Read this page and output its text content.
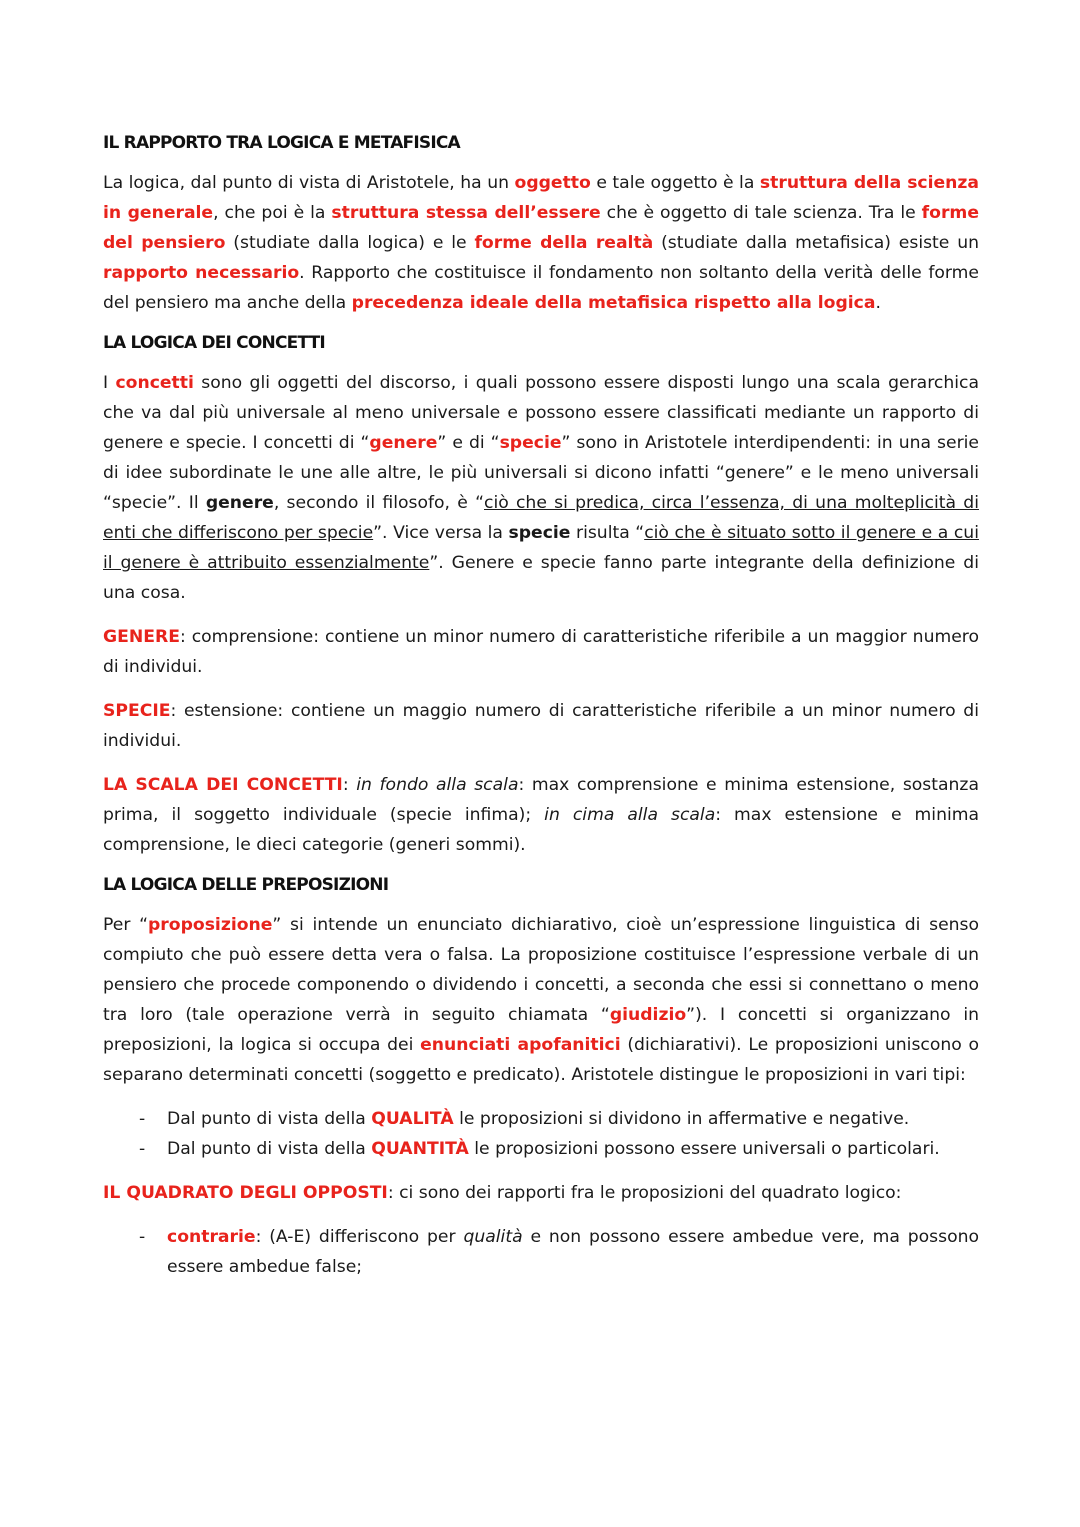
IL RAPPORTO TRA LOGICA E METAFISICA

La logica, dal punto di vista di Aristotele, ha un oggetto e tale oggetto è la struttura della scienza in generale, che poi è la struttura stessa dell’essere che è oggetto di tale scienza. Tra le forme del pensiero (studiate dalla logica) e le forme della realtà (studiate dalla metafisica) esiste un rapporto necessario. Rapporto che costituisce il fondamento non soltanto della verità delle forme del pensiero ma anche della precedenza ideale della metafisica rispetto alla logica.

LA LOGICA DEI CONCETTI

I concetti sono gli oggetti del discorso, i quali possono essere disposti lungo una scala gerarchica che va dal più universale al meno universale e possono essere classificati mediante un rapporto di genere e specie. I concetti di “genere” e di “specie” sono in Aristotele interdipendenti: in una serie di idee subordinate le une alle altre, le più universali si dicono infatti “genere” e le meno universali “specie”. Il genere, secondo il filosofo, è “ciò che si predica, circa l’essenza, di una molteplicità di enti che differiscono per specie”. Vice versa la specie risulta “ciò che è situato sotto il genere e a cui il genere è attribuito essenzialmente”. Genere e specie fanno parte integrante della definizione di una cosa.

GENERE: comprensione: contiene un minor numero di caratteristiche riferibile a un maggior numero di individui.

SPECIE: estensione: contiene un maggio numero di caratteristiche riferibile a un minor numero di individui.

LA SCALA DEI CONCETTI: in fondo alla scala: max comprensione e minima estensione, sostanza prima, il soggetto individuale (specie infima); in cima alla scala: max estensione e minima comprensione, le dieci categorie (generi sommi).

LA LOGICA DELLE PREPOSIZIONI

Per “proposizione” si intende un enunciato dichiarativo, cioè un’espressione linguistica di senso compiuto che può essere detta vera o falsa. La proposizione costituisce l’espressione verbale di un pensiero che procede componendo o dividendo i concetti, a seconda che essi si connettano o meno tra loro (tale operazione verrà in seguito chiamata “giudizio”). I concetti si organizzano in preposizioni, la logica si occupa dei enunciati apofanitici (dichiarativi). Le proposizioni uniscono o separano determinati concetti (soggetto e predicato). Aristotele distingue le proposizioni in vari tipi:

- Dal punto di vista della QUALITÀ le proposizioni si dividono in affermative e negative.
- Dal punto di vista della QUANTITÀ le proposizioni possono essere universali o particolari.

IL QUADRATO DEGLI OPPOSTI: ci sono dei rapporti fra le proposizioni del quadrato logico:

- contrarie: (A-E) differiscono per qualità e non possono essere ambedue vere, ma possono essere ambedue false;
